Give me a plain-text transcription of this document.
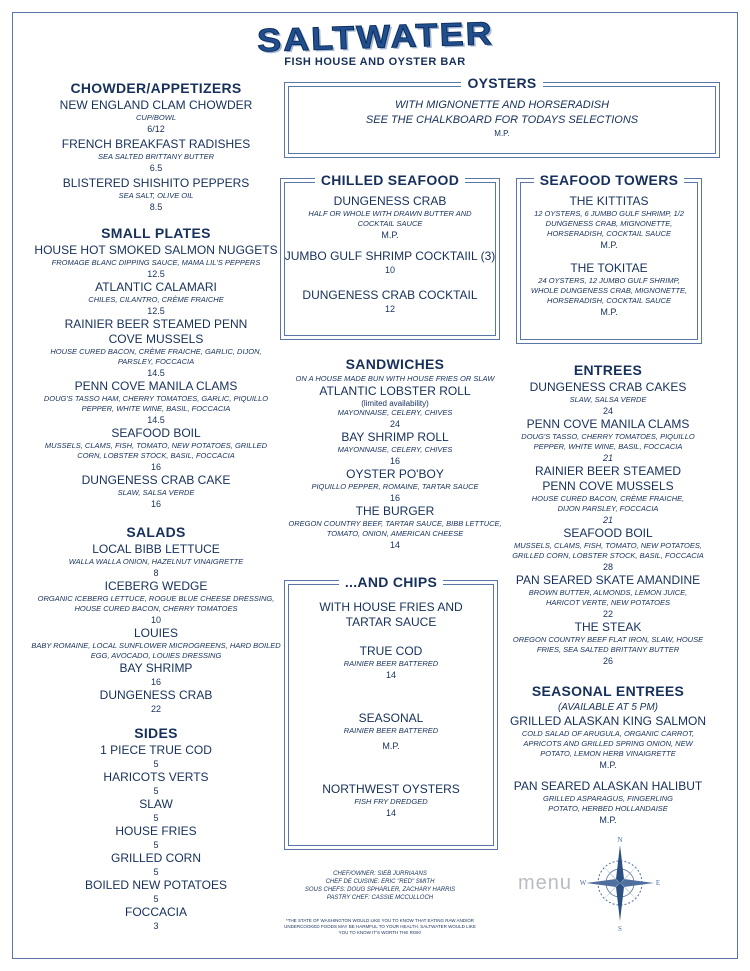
SALTWATER
FISH HOUSE AND OYSTER BAR
OYSTERS
WITH MIGNONETTE AND HORSERADISH
SEE THE CHALKBOARD FOR TODAYS SELECTIONS
M.P.
CHOWDER/APPETIZERS
NEW ENGLAND CLAM CHOWDER
CUP/BOWL
6/12
FRENCH BREAKFAST RADISHES
SEA SALTED BRITTANY BUTTER
6.5
BLISTERED SHISHITO PEPPERS
SEA SALT, OLIVE OIL
8.5
SMALL PLATES
HOUSE HOT SMOKED SALMON NUGGETS
FROMAGE BLANC DIPPING SAUCE, MAMA LIL'S PEPPERS
12.5
ATLANTIC CALAMARI
CHILES, CILANTRO, CRÈME FRAICHE
12.5
RAINIER BEER STEAMED PENN COVE MUSSELS
HOUSE CURED BACON, CRÈME FRAICHE, GARLIC, DIJON, PARSLEY, FOCCACIA
14.5
PENN COVE MANILA CLAMS
DOUG'S TASSO HAM, CHERRY TOMATOES, GARLIC, PIQUILLO PEPPER, WHITE WINE, BASIL, FOCCACIA
14.5
SEAFOOD BOIL
MUSSELS, CLAMS, FISH, TOMATO, NEW POTATOES, GRILLED CORN, LOBSTER STOCK, BASIL, FOCCACIA
16
DUNGENESS CRAB CAKE
SLAW, SALSA VERDE
16
SALADS
LOCAL BIBB LETTUCE
WALLA WALLA ONION, HAZELNUT VINAIGRETTE
8
ICEBERG WEDGE
ORGANIC ICEBERG LETTUCE, ROGUE BLUE CHEESE DRESSING, HOUSE CURED BACON, CHERRY TOMATOES
10
LOUIES
BABY ROMAINE, LOCAL SUNFLOWER MICROGREENS, HARD BOILED EGG, AVOCADO, LOUIES DRESSING
BAY SHRIMP
16
DUNGENESS CRAB
22
SIDES
1 PIECE TRUE COD
5
HARICOTS VERTS
5
SLAW
5
HOUSE FRIES
5
GRILLED CORN
5
BOILED NEW POTATOES
5
FOCCACIA
3
CHILLED SEAFOOD
DUNGENESS CRAB
HALF OR WHOLE WITH DRAWN BUTTER AND COCKTAIL SAUCE
M.P.
JUMBO GULF SHRIMP COCKTAIIL (3)
10
DUNGENESS CRAB COCKTAIL
12
SEAFOOD TOWERS
THE KITTITAS
12 OYSTERS, 6 JUMBO GULF SHRIMP, 1/2 DUNGENESS CRAB, MIGNONETTE, HORSERADISH, COCKTAIL SAUCE
M.P.
THE TOKITAE
24 OYSTERS, 12 JUMBO GULF SHRIMP, WHOLE DUNGENESS CRAB, MIGNONETTE, HORSERADISH, COCKTAIL SAUCE
M.P.
SANDWICHES
ON A HOUSE MADE BUN WITH HOUSE FRIES OR SLAW
ATLANTIC LOBSTER ROLL
(limited availability)
MAYONNAISE, CELERY, CHIVES
24
BAY SHRIMP ROLL
MAYONNAISE, CELERY, CHIVES
16
OYSTER PO'BOY
PIQUILLO PEPPER, ROMAINE, TARTAR SAUCE
16
THE BURGER
OREGON COUNTRY BEEF, TARTAR SAUCE, BIBB LETTUCE, TOMATO, ONION, AMERICAN CHEESE
14
...AND CHIPS
WITH HOUSE FRIES AND TARTAR SAUCE
TRUE COD
RAINIER BEER BATTERED
14
SEASONAL
RAINIER BEER BATTERED
M.P.
NORTHWEST OYSTERS
FISH FRY DREDGED
14
ENTREES
DUNGENESS CRAB CAKES
SLAW, SALSA VERDE
24
PENN COVE MANILA CLAMS
DOUG'S TASSO, CHERRY TOMATOES, PIQUILLO PEPPER, WHITE WINE, BASIL, FOCCACIA
21
RAINIER BEER STEAMED PENN COVE MUSSELS
HOUSE CURED BACON, CRÈME FRAICHE, DIJON PARSLEY, FOCCACIA
21
SEAFOOD BOIL
MUSSELS, CLAMS, FISH, TOMATO, NEW POTATOES, GRILLED CORN, LOBSTER STOCK, BASIL, FOCCACIA
28
PAN SEARED SKATE AMANDINE
BROWN BUTTER, ALMONDS, LEMON JUICE, HARICOT VERTE, NEW POTATOES
22
THE STEAK
OREGON COUNTRY BEEF FLAT IRON, SLAW, HOUSE FRIES, SEA SALTED BRITTANY BUTTER
26
SEASONAL ENTREES
(AVAILABLE AT 5 PM)
GRILLED ALASKAN KING SALMON
COLD SALAD OF ARUGULA, ORGANIC CARROT, APRICOTS AND GRILLED SPRING ONION, NEW POTATO, LEMON HERB VINAIGRETTE
M.P.
PAN SEARED ALASKAN HALIBUT
GRILLED ASPARAGUS, FINGERLING POTATO, HERBED HOLLANDAISE
M.P.
CHEF/OWNER: SIEB JURRIAANS
CHEF DE CUISINE: ERIC "RED" SMITH
SOUS CHEFS: DOUG SPHARLER, ZACHARY HARRIS
PASTRY CHEF: CASSIE MCCULLOCH
*THE STATE OF WASHINGTON WOULD LIKE YOU TO KNOW THAT EATING RAW AND/OR UNDERCOOKED FOODS MAY BE HARMFUL TO YOUR HEALTH. SALTWATER WOULD LIKE YOU TO KNOW IT'S WORTH THE RISK!
menu
N
S
E
W
